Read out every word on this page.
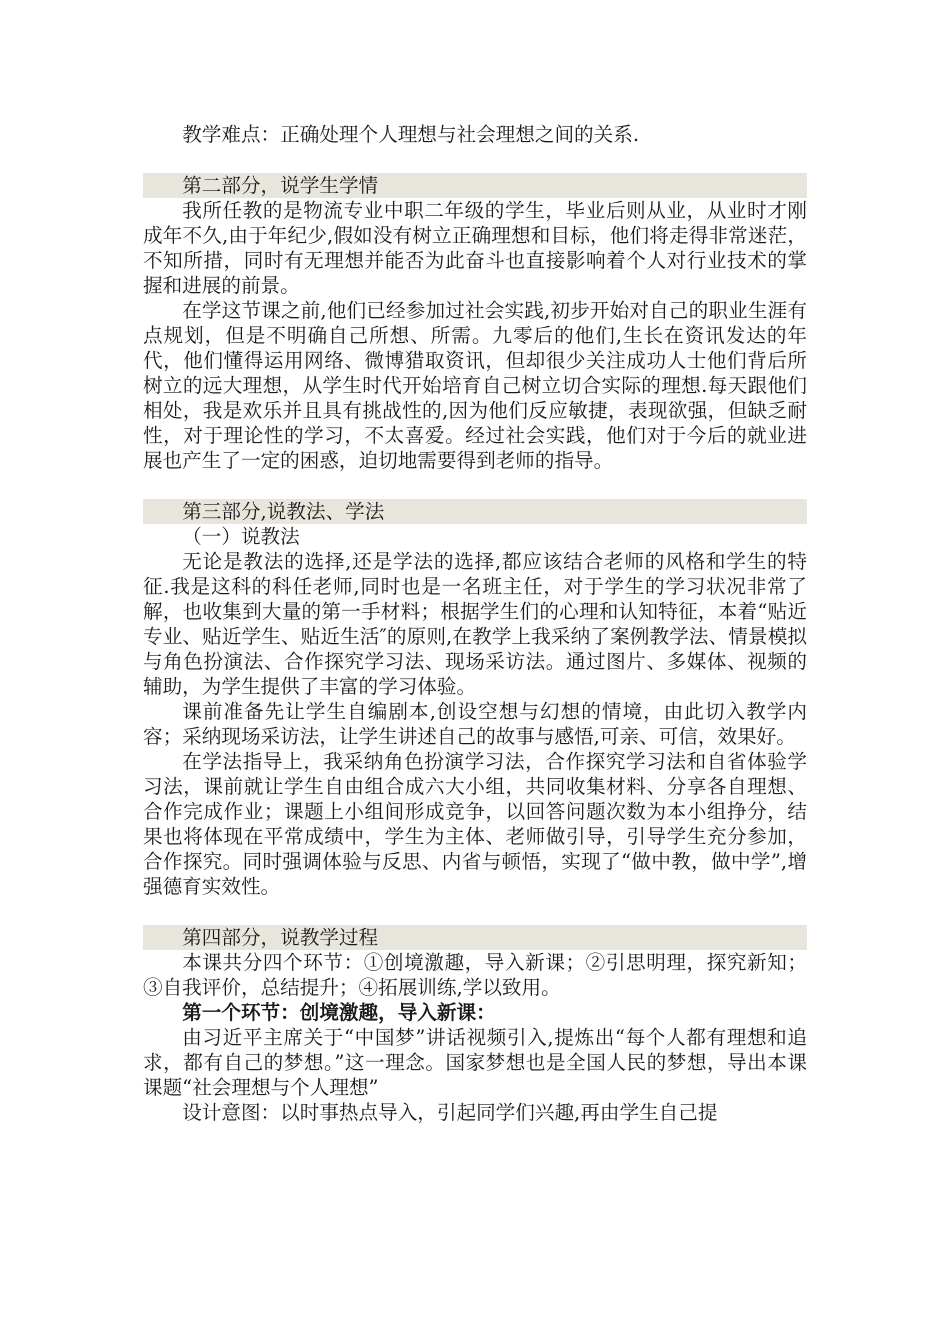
教学难点：正确处理个人理想与社会理想之间的关系.

第二部分，说学生学情

我所任教的是物流专业中职二年级的学生，毕业后则从业，从业时才刚成年不久,由于年纪少,假如没有树立正确理想和目标，他们将走得非常迷茫，不知所措，同时有无理想并能否为此奋斗也直接影响着个人对行业技术的掌握和进展的前景。

在学这节课之前,他们已经参加过社会实践,初步开始对自己的职业生涯有点规划，但是不明确自己所想、所需。九零后的他们,生长在资讯发达的年代，他们懂得运用网络、微博猎取资讯，但却很少关注成功人士他们背后所树立的远大理想，从学生时代开始培育自己树立切合实际的理想.每天跟他们相处，我是欢乐并且具有挑战性的,因为他们反应敏捷，表现欲强，但缺乏耐性，对于理论性的学习，不太喜爱。经过社会实践，他们对于今后的就业进展也产生了一定的困惑，迫切地需要得到老师的指导。

第三部分,说教法、学法

（一）说教法

无论是教法的选择,还是学法的选择,都应该结合老师的风格和学生的特征.我是这科的科任老师,同时也是一名班主任，对于学生的学习状况非常了解，也收集到大量的第一手材料；根据学生们的心理和认知特征，本着“贴近专业、贴近学生、贴近生活″的原则,在教学上我采纳了案例教学法、情景模拟与角色扮演法、合作探究学习法、现场采访法。通过图片、多媒体、视频的辅助，为学生提供了丰富的学习体验。

课前准备先让学生自编剧本,创设空想与幻想的情境，由此切入教学内容；采纳现场采访法，让学生讲述自己的故事与感悟,可亲、可信，效果好。

在学法指导上，我采纳角色扮演学习法，合作探究学习法和自省体验学习法，课前就让学生自由组合成六大小组，共同收集材料、分享各自理想、合作完成作业；课题上小组间形成竞争，以回答问题次数为本小组挣分，结果也将体现在平常成绩中，学生为主体、老师做引导，引导学生充分参加，合作探究。同时强调体验与反思、内省与顿悟，实现了“做中教，做中学”,增强德育实效性。

第四部分，说教学过程

本课共分四个环节：①创境激趣，导入新课；②引思明理，探究新知；③自我评价，总结提升；④拓展训练,学以致用。

第一个环节：创境激趣，导入新课：

由习近平主席关于“中国梦”讲话视频引入,提炼出“每个人都有理想和追求，都有自己的梦想。”这一理念。国家梦想也是全国人民的梦想，导出本课课题“社会理想与个人理想”

设计意图：以时事热点导入，引起同学们兴趣,再由学生自己提
